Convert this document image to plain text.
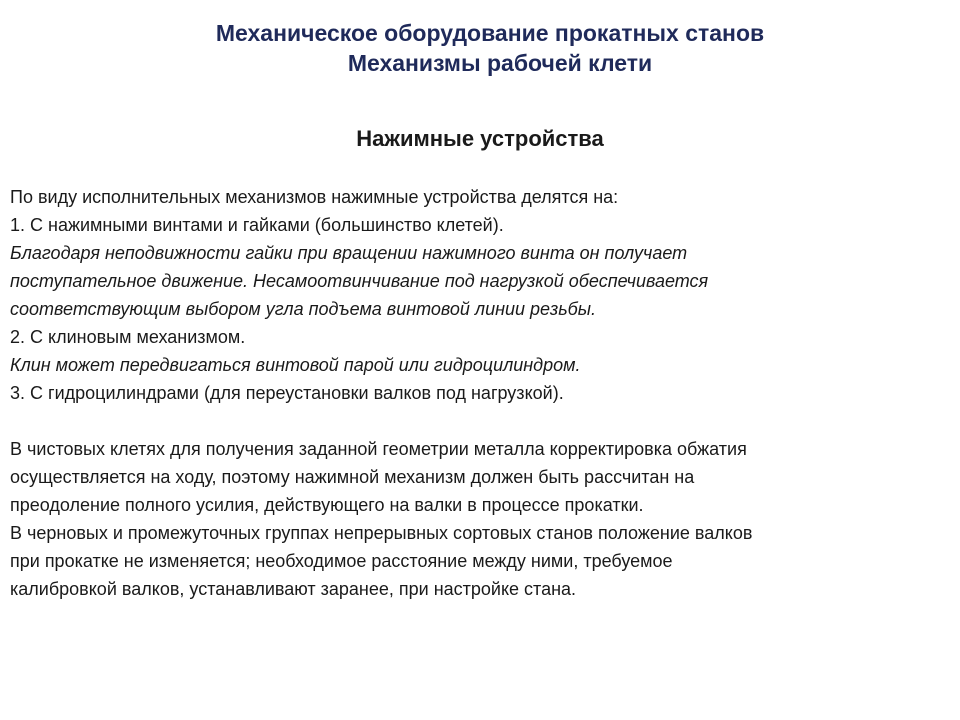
Механическое оборудование прокатных станов

Механизмы рабочей клети

Нажимные устройства

По виду исполнительных механизмов нажимные устройства делятся на:

1. С нажимными винтами и гайками (большинство клетей).

Благодаря неподвижности гайки при вращении нажимного винта он получает

поступательное движение. Несамоотвинчивание под нагрузкой обеспечивается

соответствующим выбором угла подъема винтовой линии резьбы.

2. С клиновым механизмом.

Клин может передвигаться винтовой парой или гидроцилиндром.

3. С гидроцилиндрами (для переустановки валков под нагрузкой).

В чистовых клетях для получения заданной геометрии металла корректировка обжатия

осуществляется на ходу, поэтому нажимной механизм должен быть рассчитан на

преодоление полного усилия, действующего на валки в процессе прокатки.

В черновых и промежуточных группах непрерывных сортовых станов положение валков

при прокатке не изменяется; необходимое расстояние между ними, требуемое

калибровкой валков, устанавливают заранее, при настройке стана.
